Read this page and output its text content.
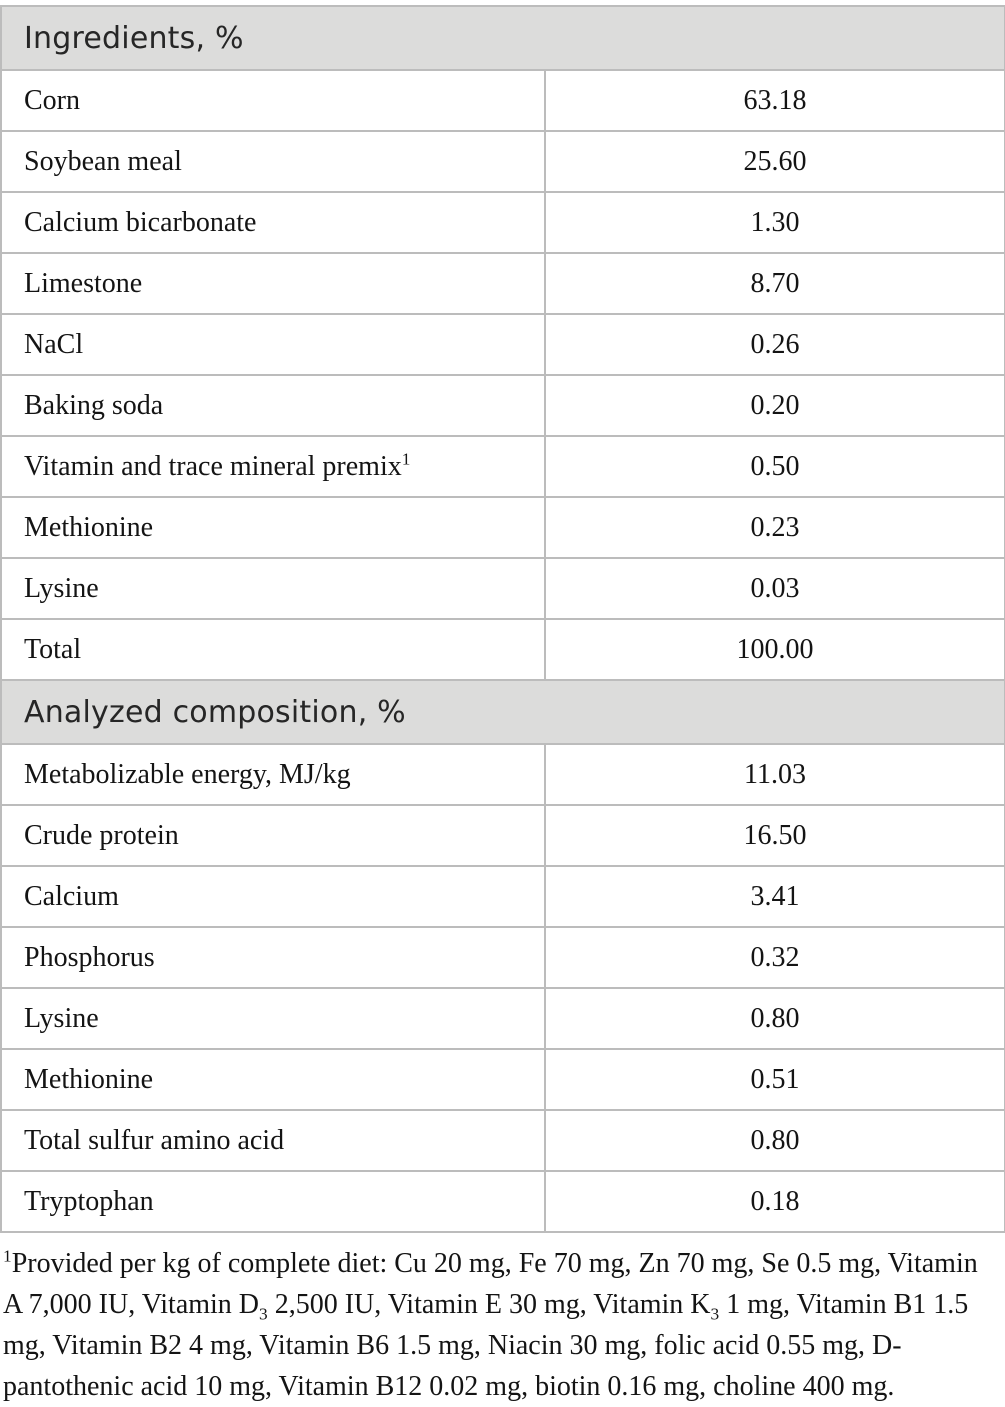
Ingredients, %	
Corn	63.18
Soybean meal	25.60
Calcium bicarbonate	1.30
Limestone	8.70
NaCl	0.26
Baking soda	0.20
Vitamin and trace mineral premix$^1$	0.50
Methionine	0.23
Lysine	0.03
Total	100.00
Analyzed composition, %	
Metabolizable energy, MJ/kg	11.03
Crude protein	16.50
Calcium	3.41
Phosphorus	0.32
Lysine	0.80
Methionine	0.51
Total sulfur amino acid	0.80
Tryptophan	0.18

$^1$Provided per kg of complete diet: Cu 20 mg, Fe 70 mg, Zn 70 mg, Se 0.5 mg, Vitamin A 7,000 IU, Vitamin $D_3$ 2,500 IU, Vitamin E 30 mg, Vitamin $K_3$ 1 mg, Vitamin B1 1.5 mg, Vitamin B2 4 mg, Vitamin B6 1.5 mg, Niacin 30 mg, folic acid 0.55 mg, D-pantothenic acid 10 mg, Vitamin B12 0.02 mg, biotin 0.16 mg, choline 400 mg.
